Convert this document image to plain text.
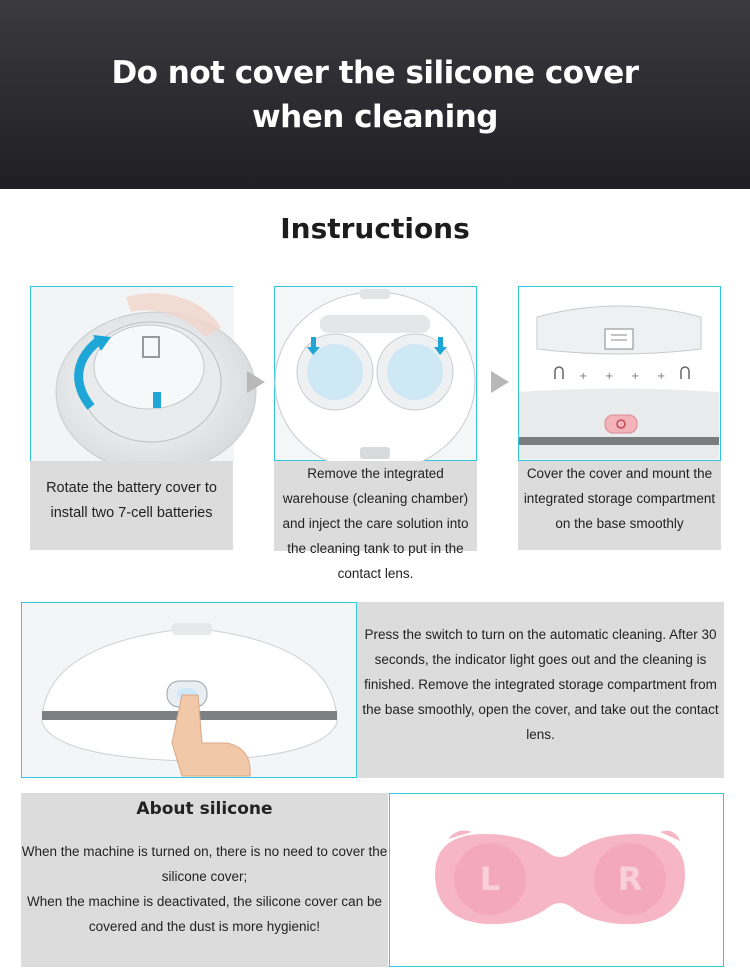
Do not cover the silicone cover when cleaning
Instructions
Rotate the battery cover to install two 7-cell batteries
Remove the integrated warehouse (cleaning chamber) and inject the care solution into the cleaning tank to put in the contact lens.
+ + + +
Cover the cover and mount the integrated storage compartment on the base smoothly
Press the switch to turn on the automatic cleaning. After 30 seconds, the indicator light goes out and the cleaning is finished. Remove the integrated storage compartment from the base smoothly, open the cover, and take out the contact lens.
About silicone

When the machine is turned on, there is no need to cover the silicone cover;

When the machine is deactivated, the silicone cover can be covered and the dust is more hygienic!

L	R
